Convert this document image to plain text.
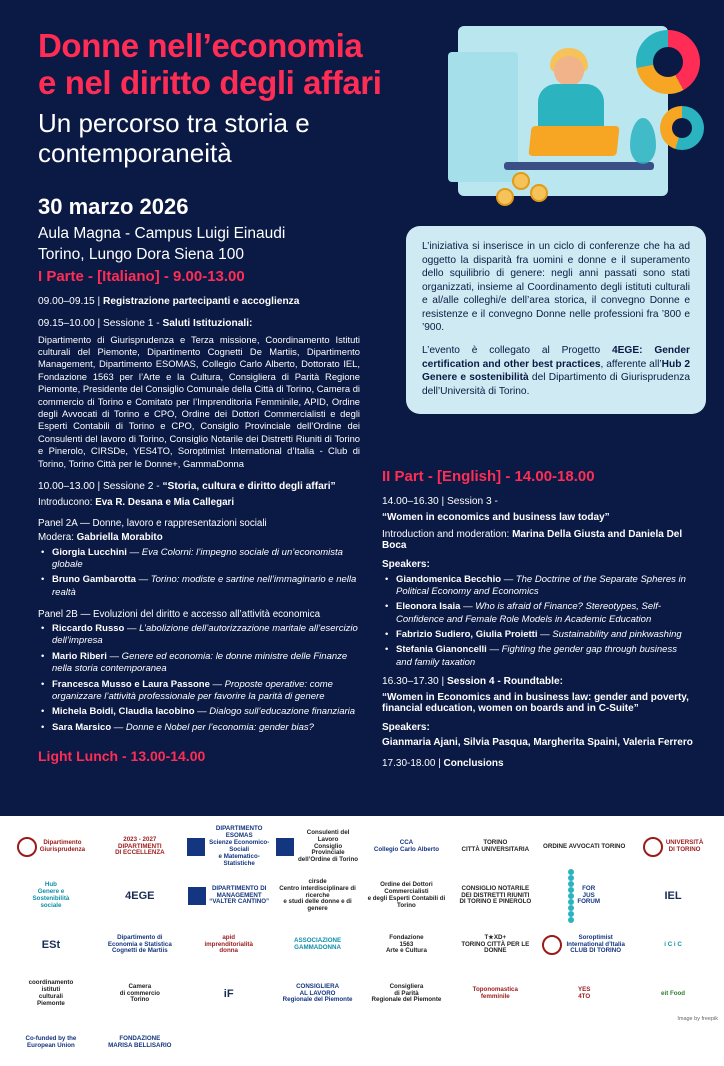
Donne nell’economia
e nel diritto degli affari
Un percorso tra storia e
contemporaneità
30 marzo 2026
Aula Magna - Campus Luigi Einaudi
Torino, Lungo Dora Siena 100	L’iniziativa si inserisce in un ciclo di conferenze che ha ad oggetto la disparità fra uomini e donne e il superamento dello squilibrio di genere: negli anni passati sono stati organizzati, insieme al Coordinamento degli istituti culturali e al/alle colleghi/e dell’area storica, il convegno Donne e resistenze e il convegno Donne nelle professioni fra ’800 e ’900.

L’evento è collegato al Progetto 4EGE: Gender certification and other best practices, afferente all’Hub 2 Genere e sostenibilità del Dipartimento di Giurisprudenza dell’Università di Torino.

I Parte - [Italiano] - 9.00-13.00
09.00–09.15 | Registrazione partecipanti e accoglienza
09.15–10.00 | Sessione 1 - Saluti Istituzionali:
Dipartimento di Giurisprudenza e Terza missione, Coordinamento Istituti culturali del Piemonte, Dipartimento Cognetti De Martiis, Dipartimento Management, Dipartimento ESOMAS, Collegio Carlo Alberto, Dottorato IEL, Fondazione 1563 per l’Arte e la Cultura, Consigliera di Parità Regione Piemonte, Presidente del Consiglio Comunale della Città di Torino, Camera di commercio di Torino e Comitato per l’Imprenditoria Femminile, APID, Ordine degli Avvocati di Torino e CPO, Ordine dei Dottori Commercialisti e degli Esperti Contabili di Torino e CPO, Consiglio Provinciale dell’Ordine dei Consulenti del lavoro di Torino, Consiglio Notarile dei Distretti Riuniti di Torino e Pinerolo, CIRSDe, YES4TO, Soroptimist International d’Italia - Club di Torino, Torino Città per le Donne+, GammaDonna
10.00–13.00 | Sessione 2 - “Storia, cultura e diritto degli affari”
Introducono: Eva R. Desana e Mia Callegari
Panel 2A — Donne, lavoro e rappresentazioni sociali
Modera: Gabriella Morabito
• Giorgia Lucchini — Eva Colorni: l’impegno sociale di un’economista globale
• Bruno Gambarotta — Torino: modiste e sartine nell’immaginario e nella realtà
Panel 2B — Evoluzioni del diritto e accesso all’attività economica
• Riccardo Russo — L’abolizione dell’autorizzazione maritale all’esercizio dell’impresa
• Mario Riberi — Genere ed economia: le donne ministre delle Finanze nella storia contemporanea
• Francesca Musso e Laura Passone — Proposte operative: come organizzare l’attività professionale per favorire la parità di genere
• Michela Boidi, Claudia Iacobino — Dialogo sull’educazione finanziaria
• Sara Marsico — Donne e Nobel per l’economia: gender bias?
Light Lunch - 13.00-14.00
II Part - [English] - 14.00-18.00
14.00–16.30 | Session 3 -
“Women in economics and business law today”
Introduction and moderation: Marina Della Giusta and Daniela Del Boca
Speakers:
• Giandomenica Becchio — The Doctrine of the Separate Spheres in Political Economy and Economics
• Eleonora Isaia — Who is afraid of Finance? Stereotypes, Self-Confidence and Female Role Models in Academic Education
• Fabrizio Sudiero, Giulia Proietti — Sustainability and pinkwashing
• Stefania Gianoncelli — Fighting the gender gap through business and family taxation
16.30–17.30 | Session 4 - Roundtable:
“Women in Economics and in business law: gender and poverty, financial education, women on boards and in C-Suite”
Speakers:
Gianmaria Ajani, Silvia Pasqua, Margherita Spaini, Valeria Ferrero
17.30-18.00 | Conclusions
Dipartimento
Giurisprudenza
2023 - 2027
DIPARTIMENTI
DI ECCELLENZA
DIPARTIMENTO ESOMAS
Scienze Economico-Sociali
e Matematico-Statistiche
Consulenti del Lavoro
Consiglio Provinciale
dell’Ordine di Torino
CCA
Collegio Carlo Alberto
TORINO
CITTÀ UNIVERSITARIA ORDINE AVVOCATI TORINO	UNIVERSITÀ
DI TORINO
Hub
Genere e
Sostenibilità
sociale
4EGE
DIPARTIMENTO DI
MANAGEMENT
“VALTER CANTINO”
cirsde
Centro interdisciplinare di ricerche
e studi delle donne e di genere
Ordine dei Dottori Commercialisti
e degli Esperti Contabili di Torino
CONSIGLIO NOTARILE
DEI DISTRETTI RIUNITI
DI TORINO E PINEROLO
FOR
JUS
FORUM
IEL
ESt
Dipartimento di
Economia e Statistica
Cognetti de Martiis
apid
imprenditorialità
donna
ASSOCIAZIONE
GAMMADONNA
Fondazione
1563
Arte e Cultura
T★XD+
TORINO CITTÀ PER LE DONNE
Soroptimist International d’Italia
CLUB DI TORINO
i C i C
coordinamento
istituti
culturali
Piemonte
Camera
di commercio
Torino
iF
CONSIGLIERA
AL LAVORO
Regionale del Piemonte
Consigliera
di Parità
Regionale del Piemonte
Toponomastica
femminile
YES
4TO	eit Food
Co-funded by the
European Union
FONDAZIONE
MARISA BELLISARIO
Image by freepik
